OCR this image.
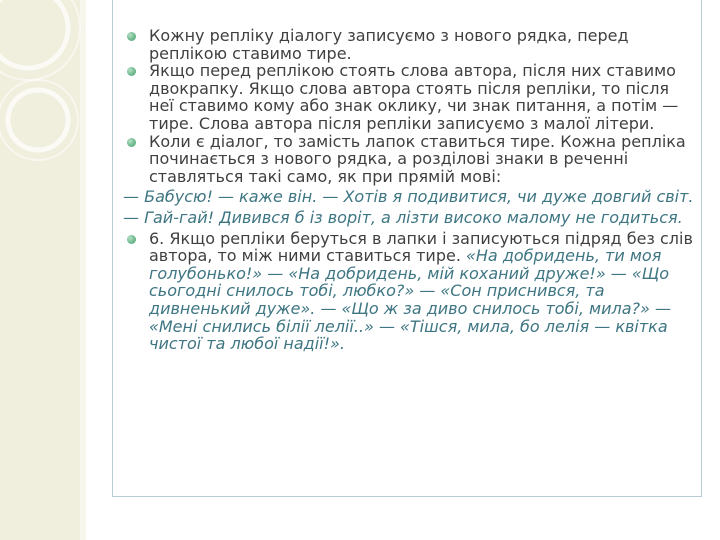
Кожну репліку діалогу записуємо з нового рядка, перед реплікою ставимо тире.
Якщо перед реплікою стоять слова автора, після них ставимо двокрапку. Якщо слова автора стоять після репліки, то після неї ставимо кому або знак оклику, чи знак питання, а потім — тире. Слова автора після репліки записуємо з малої літери.
Коли є діалог, то замість лапок ставиться тире. Кожна репліка починається з нового рядка, а розділові знаки в реченні ставляться такі само, як при прямій мові:
— Бабусю! — каже він. — Хотів я подивитися, чи дуже довгий світ.
— Гай-гай! Дивився б із воріт, а лізти високо малому не годиться.
6. Якщо репліки беруться в лапки і записуються підряд без слів автора, то між ними ставиться тире. «На добридень, ти моя голубонько!» — «На добридень, мій коханий друже!» — «Що сьогодні снилось тобі, любко?» — «Сон приснився, та дивненький дуже». — «Що ж за диво снилось тобі, мила?» — «Мені снились білії лелії..» — «Тішся, мила, бо лелія — квітка чистої та любої надії!».
